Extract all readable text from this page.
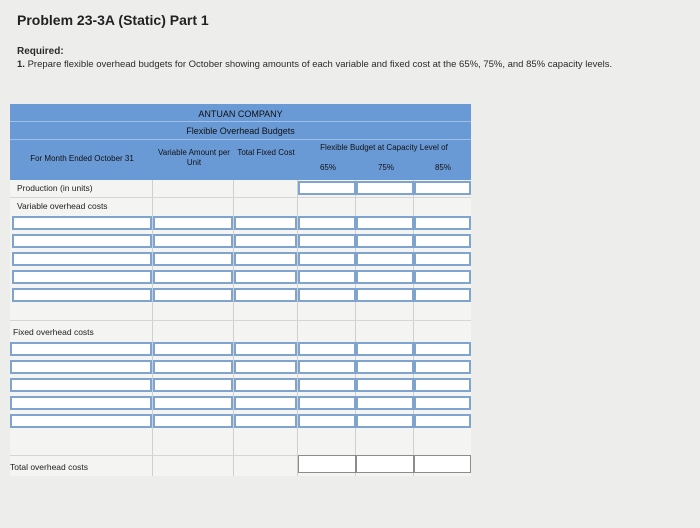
Problem 23-3A (Static) Part 1
Required:
1. Prepare flexible overhead budgets for October showing amounts of each variable and fixed cost at the 65%, 75%, and 85% capacity levels.
ANTUAN COMPANY
Flexible Overhead Budgets
For Month Ended October 31
Variable Amount per Unit
Total Fixed Cost
Flexible Budget at Capacity Level of
65%	75%	85%
Production (in units)
Variable overhead costs
Fixed overhead costs
Total overhead costs
